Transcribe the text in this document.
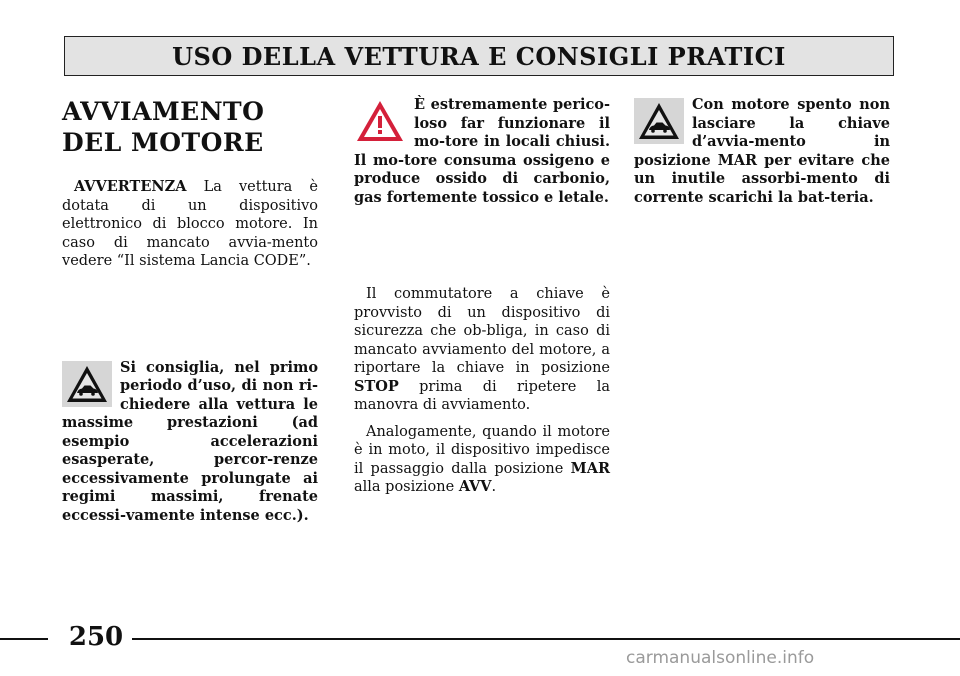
USO DELLA VETTURA E CONSIGLI PRATICI
AVVIAMENTO
DEL MOTORE

AVVERTENZA La vettura è dotata di un dispositivo elettronico di blocco motore. In caso di mancato avvia-mento vedere “Il sistema Lancia CODE”.

Si consiglia, nel primo periodo d’uso, di non ri-chiedere alla vettura le massime prestazioni (ad esempio accelerazioni esasperate, percor-renze eccessivamente prolungate ai regimi massimi, frenate eccessi-vamente intense ecc.).

È estremamente perico-loso far funzionare il mo-tore in locali chiusi. Il mo-tore consuma ossigeno e produce ossido di carbonio, gas fortemente tossico e letale.

Il commutatore a chiave è provvisto di un dispositivo di sicurezza che ob-bliga, in caso di mancato avviamento del motore, a riportare la chiave in posizione STOP prima di ripetere la manovra di avviamento.

Analogamente, quando il motore è in moto, il dispositivo impedisce il passaggio dalla posizione MAR alla posizione AVV.

Con motore spento non lasciare la chiave d’avvia-mento in posizione MAR per evitare che un inutile assorbi-mento di corrente scarichi la bat-teria.

250
carmanualsonline.info
